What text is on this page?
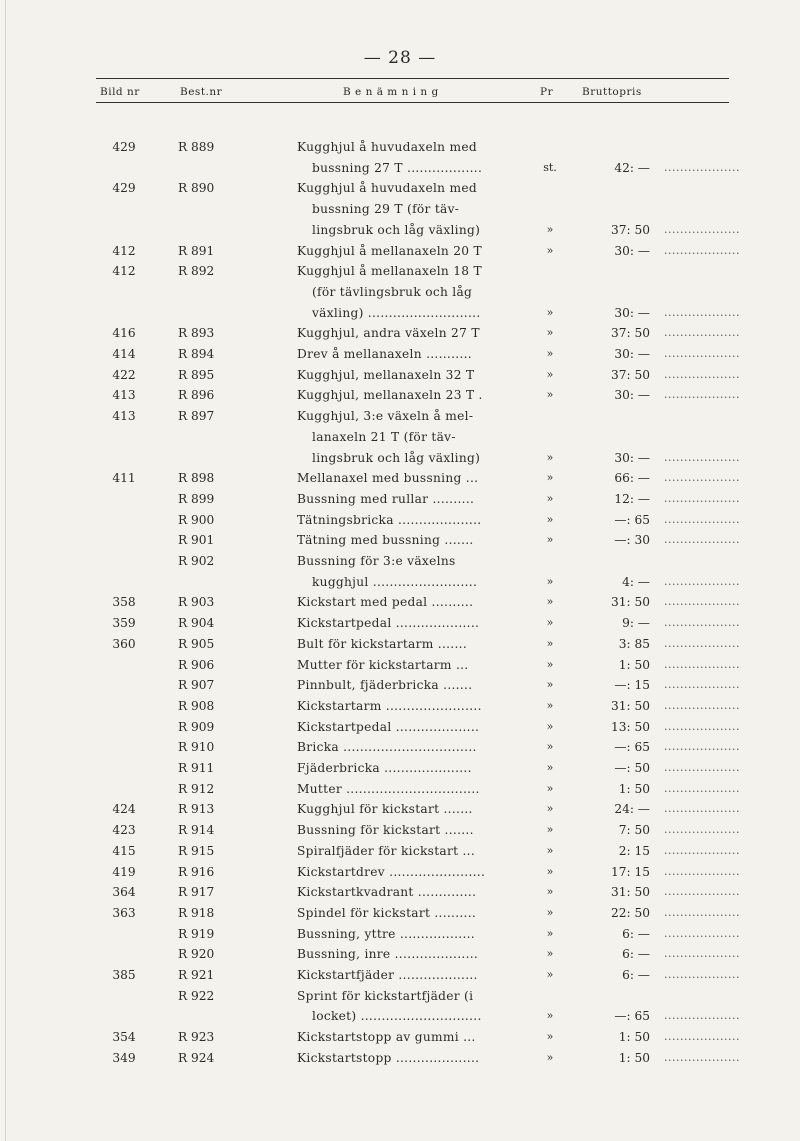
— 28 —
Bild nr	Best.nr	B e n ä m n i n g	Pr	Bruttopris
429	R 889	Kugghjul å huvudaxeln med
bussning 27 T ..................	st.	42: — ...................
429	R 890	Kugghjul å huvudaxeln med
bussning 29 T (för täv-
lingsbruk och låg växling)	»	37: 50 ...................
412	R 891	Kugghjul å mellanaxeln 20 T	»	30: — ...................
412	R 892	Kugghjul å mellanaxeln 18 T
(för tävlingsbruk och låg
växling) ...........................	»	30: — ...................
416	R 893	Kugghjul, andra växeln 27 T	»	37: 50 ...................
414	R 894	Drev å mellanaxeln ...........	»	30: — ...................
422	R 895	Kugghjul, mellanaxeln 32 T	»	37: 50 ...................
413	R 896	Kugghjul, mellanaxeln 23 T .	»	30: — ...................
413	R 897	Kugghjul, 3:e växeln å mel-
lanaxeln 21 T (för täv-
lingsbruk och låg växling)	»	30: — ...................
411	R 898	Mellanaxel med bussning ...	»	66: — ...................
R 899	Bussning med rullar ..........	»	12: — ...................
R 900	Tätningsbricka ....................	»	—: 65 ...................
R 901	Tätning med bussning .......	»	—: 30 ...................
R 902	Bussning för 3:e växelns
kugghjul .........................	»	4: — ...................
358	R 903	Kickstart med pedal ..........	»	31: 50 ...................
359	R 904	Kickstartpedal ....................	»	9: — ...................
360	R 905	Bult för kickstartarm .......	»	3: 85 ...................
R 906	Mutter för kickstartarm ...	»	1: 50 ...................
R 907	Pinnbult, fjäderbricka .......	»	—: 15 ...................
R 908	Kickstartarm .......................	»	31: 50 ...................
R 909	Kickstartpedal ....................	»	13: 50 ...................
R 910	Bricka ................................	»	—: 65 ...................
R 911	Fjäderbricka .....................	»	—: 50 ...................
R 912	Mutter ................................	»	1: 50 ...................
424	R 913	Kugghjul för kickstart .......	»	24: — ...................
423	R 914	Bussning för kickstart .......	»	7: 50 ...................
415	R 915	Spiralfjäder för kickstart ...	»	2: 15 ...................
419	R 916	Kickstartdrev .......................	»	17: 15 ...................
364	R 917	Kickstartkvadrant ..............	»	31: 50 ...................
363	R 918	Spindel för kickstart ..........	»	22: 50 ...................
R 919	Bussning, yttre ..................	»	6: — ...................
R 920	Bussning, inre ....................	»	6: — ...................
385	R 921	Kickstartfjäder ...................	»	6: — ...................
R 922	Sprint för kickstartfjäder (i
locket) .............................	»	—: 65 ...................
354	R 923	Kickstartstopp av gummi ...	»	1: 50 ...................
349	R 924	Kickstartstopp ....................	»	1: 50 ...................
